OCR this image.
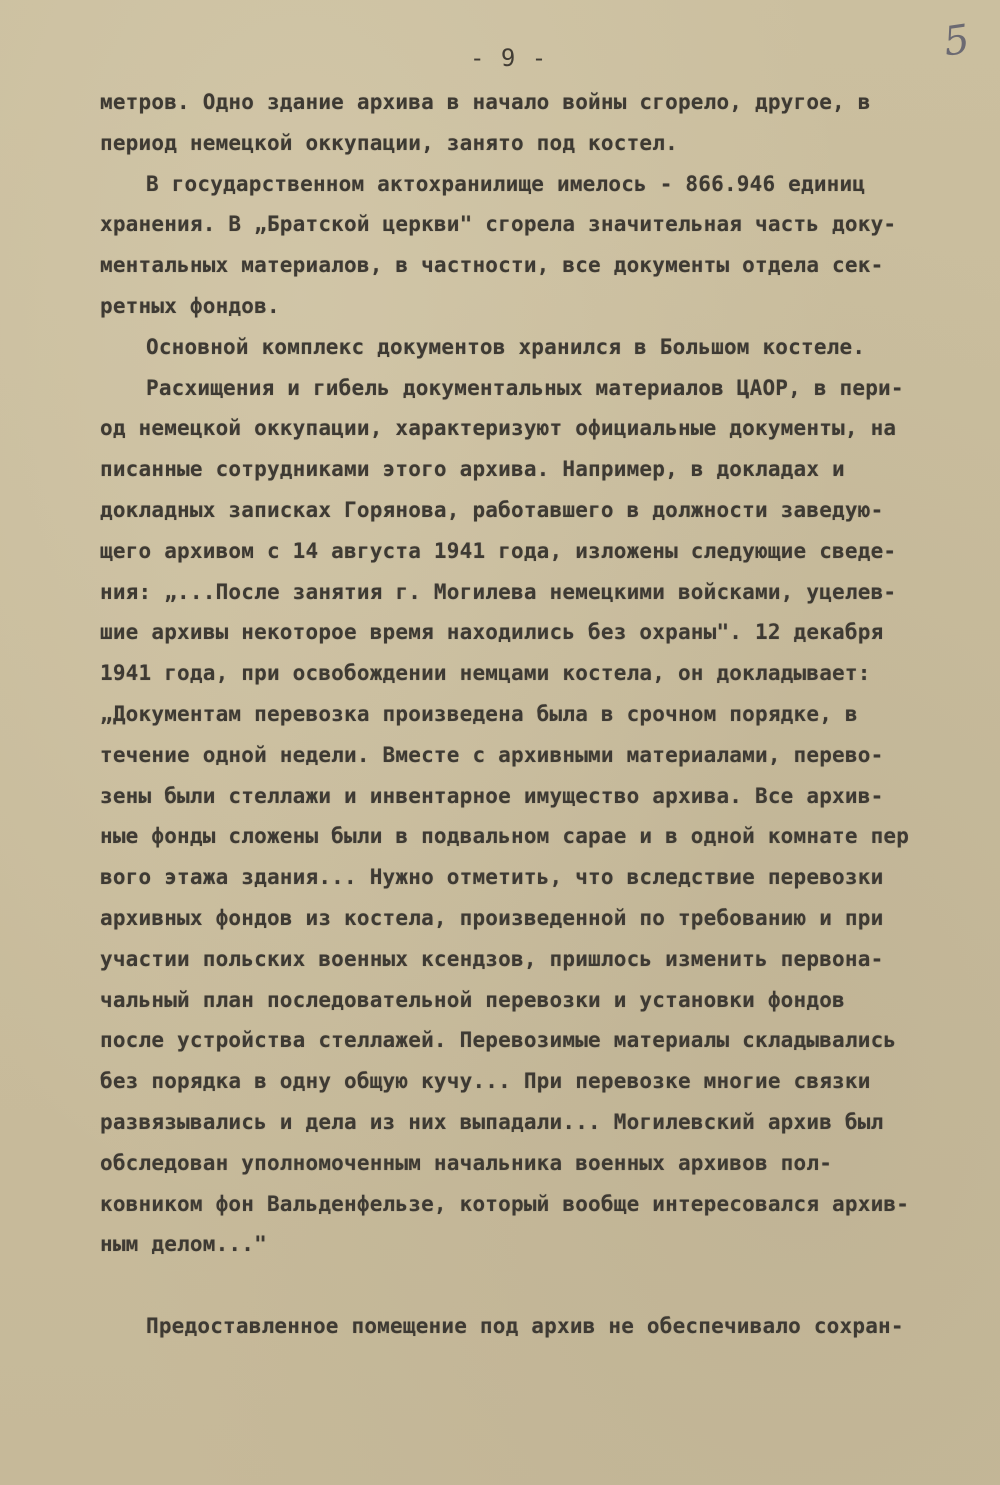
5
- 9 -
метров. Одно здание архива в начало войны сгорело, другое, в
период немецкой оккупации, занято под костел.
В государственном актохранилище имелось - 866.946 единиц
хранения. В „Братской церкви" сгорела значительная часть доку-
ментальных материалов, в частности, все документы отдела сек-
ретных фондов.
Основной комплекс документов хранился в Большом костеле.
Расхищения и гибель документальных материалов ЦАОР, в пери-
од немецкой оккупации, характеризуют официальные документы, на
писанные сотрудниками этого архива. Например, в докладах и
докладных записках Горянова, работавшего в должности заведую-
щего архивом с 14 августа 1941 года, изложены следующие сведе-
ния: „...После занятия г. Могилева немецкими войсками, уцелев-
шие архивы некоторое время находились без охраны". 12 декабря
1941 года, при освобождении немцами костела, он докладывает:
„Документам перевозка произведена была в срочном порядке, в
течение одной недели. Вместе с архивными материалами, перево-
зены были стеллажи и инвентарное имущество архива. Все архив-
ные фонды сложены были в подвальном сарае и в одной комнате пер
вого этажа здания... Нужно отметить, что вследствие перевозки
архивных фондов из костела, произведенной по требованию и при
участии польских военных ксендзов, пришлось изменить первона-
чальный план последовательной перевозки и установки фондов
после устройства стеллажей. Перевозимые материалы складывались
без порядка в одну общую кучу... При перевозке многие связки
развязывались и дела из них выпадали... Могилевский архив был
обследован уполномоченным начальника военных архивов пол-
ковником фон Вальденфельзе, который вообще интересовался архив-
ным делом..."
Предоставленное помещение под архив не обеспечивало сохран-
